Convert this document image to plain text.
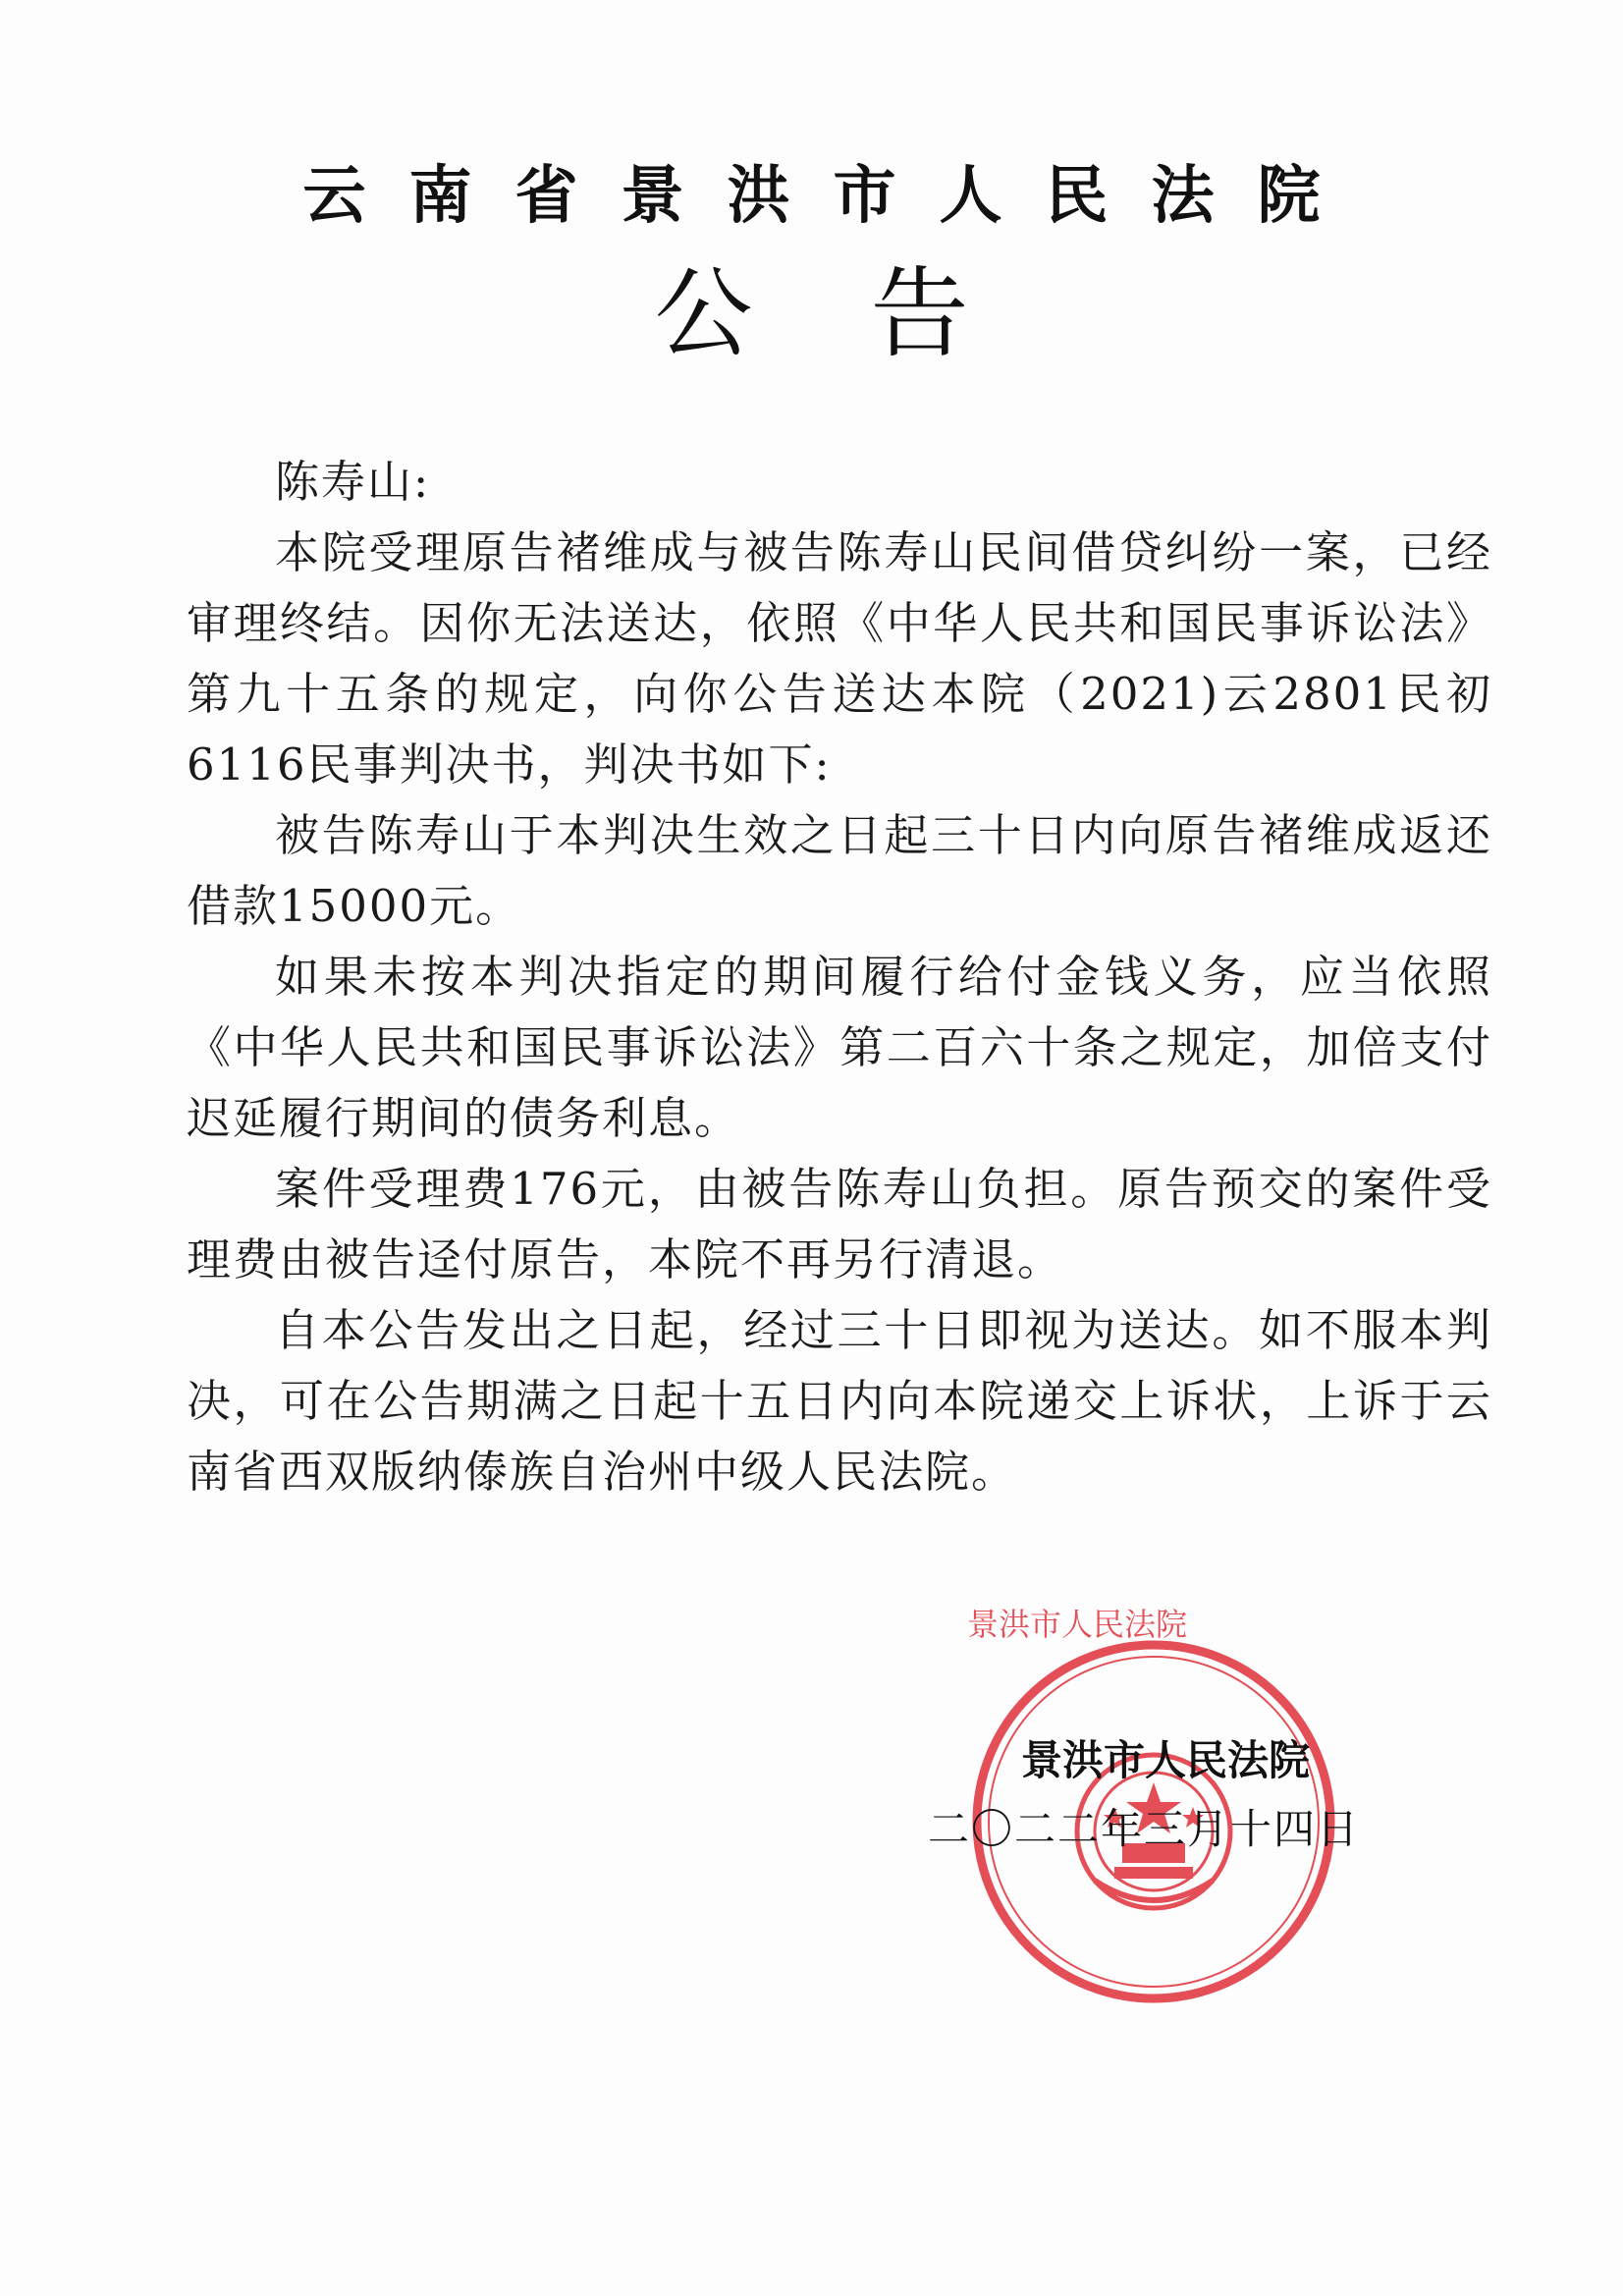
云南省景洪市人民法院
公告

陈寿山:

本院受理原告褚维成与被告陈寿山民间借贷纠纷一案，已经审理终结。因你无法送达，依照《中华人民共和国民事诉讼法》第九十五条的规定，向你公告送达本院（2021)云2801民初6116民事判决书，判决书如下:

被告陈寿山于本判决生效之日起三十日内向原告褚维成返还借款15000元。

如果未按本判决指定的期间履行给付金钱义务，应当依照《中华人民共和国民事诉讼法》第二百六十条之规定，加倍支付迟延履行期间的债务利息。

案件受理费176元，由被告陈寿山负担。原告预交的案件受理费由被告迳付原告，本院不再另行清退。

自本公告发出之日起，经过三十日即视为送达。如不服本判决，可在公告期满之日起十五日内向本院递交上诉状，上诉于云南省西双版纳傣族自治州中级人民法院。

景洪市人民法院
景洪市人民法院
二〇二二年三月十四日
